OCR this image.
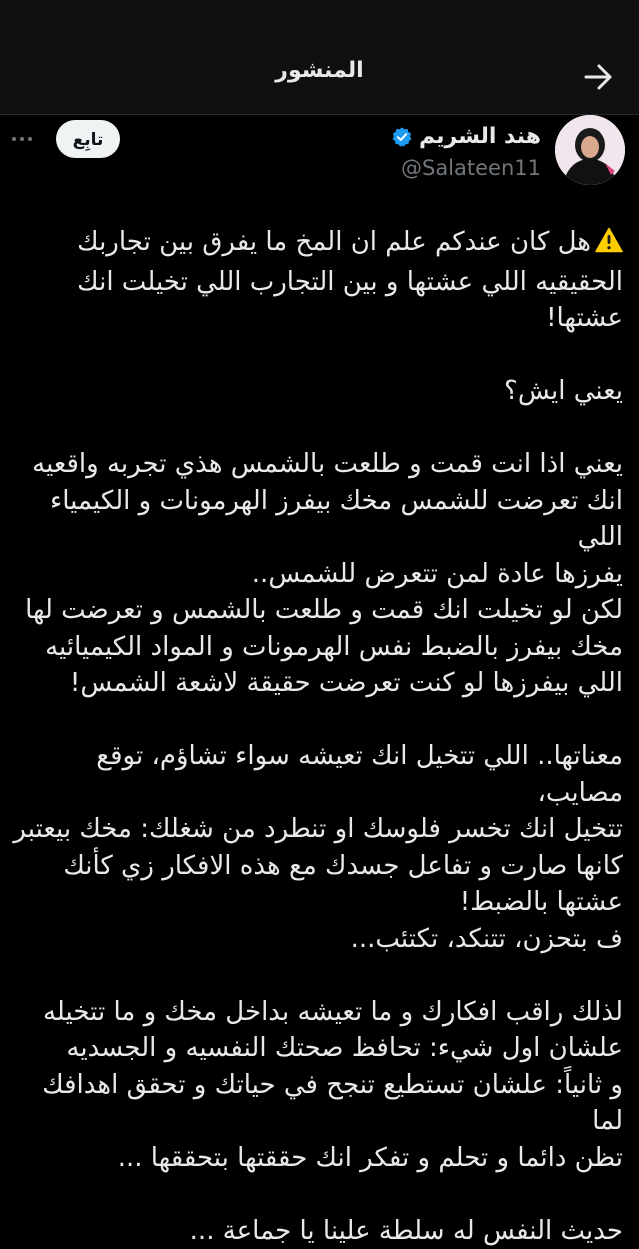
المنشور
هند الشريم
@Salateen11
تابِع

هل كان عندكم علم ان المخ ما يفرق بين تجاربك

الحقيقيه اللي عشتها و بين التجارب اللي تخيلت انك عشتها!

يعني ايش؟

يعني اذا انت قمت و طلعت بالشمس هذي تجربه واقعيه

انك تعرضت للشمس مخك بيفرز الهرمونات و الكيمياء اللي

يفرزها عادة لمن تتعرض للشمس..

لكن لو تخيلت انك قمت و طلعت بالشمس و تعرضت لها

مخك بيفرز بالضبط نفس الهرمونات و المواد الكيميائيه

اللي بيفرزها لو كنت تعرضت حقيقة لاشعة الشمس!

معناتها.. اللي تتخيل انك تعيشه سواء تشاؤم، توقع مصايب،

تتخيل انك تخسر فلوسك او تنطرد من شغلك: مخك بيعتبر

كانها صارت و تفاعل جسدك مع هذه الافكار زي كأنك

عشتها بالضبط!

ف بتحزن، تتنكد، تكتئب...

لذلك راقب افكارك و ما تعيشه بداخل مخك و ما تتخيله

علشان اول شيء: تحافظ صحتك النفسيه و الجسديه

و ثانياً: علشان تستطيع تنجح في حياتك و تحقق اهدافك لما

تظن دائما و تحلم و تفكر انك حققتها بتحققها ...

حديث النفس له سلطة علينا يا جماعة ...
